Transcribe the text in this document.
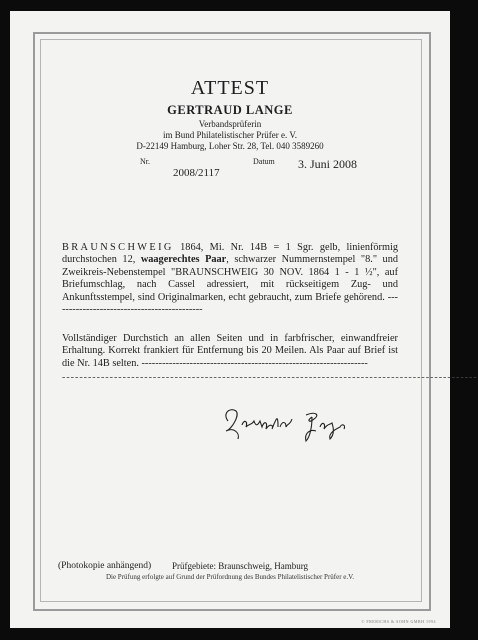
ATTEST
GERTRAUD LANGE
Verbandsprüferin
im Bund Philatelistischer Prüfer e. V.
D-22149 Hamburg, Loher Str. 28, Tel. 040 3589260
Nr.
2008/2117
Datum 3. Juni 2008

BRAUNSCHWEIG 1864, Mi. Nr. 14B = 1 Sgr. gelb, linienförmig durchstochen 12, waagerechtes Paar, schwarzer Nummernstempel "8." und Zweikreis-Nebenstempel "BRAUNSCHWEIG 30 NOV. 1864 1 - 1 ½", auf Briefumschlag, nach Cassel adressiert, mit rückseitigem Zug- und Ankunftsstempel, sind Originalmarken, echt gebraucht, zum Briefe gehörend. --------------------------------------------

Vollständiger Durchstich an allen Seiten und in farbfrischer, einwandfreier Erhaltung. Korrekt frankiert für Entfernung bis 20 Meilen. Als Paar auf Brief ist die Nr. 14B selten. ------------------------------------------------------------------

------------------------------------------------------------------------------------------------
(Photokopie anhängend) Prüfgebiete: Braunschweig, Hamburg
Die Prüfung erfolgte auf Grund der Prüfordnung des Bundes Philatelistischer Prüfer e.V.
© FRERICHS & SOHN GMBH 1994
